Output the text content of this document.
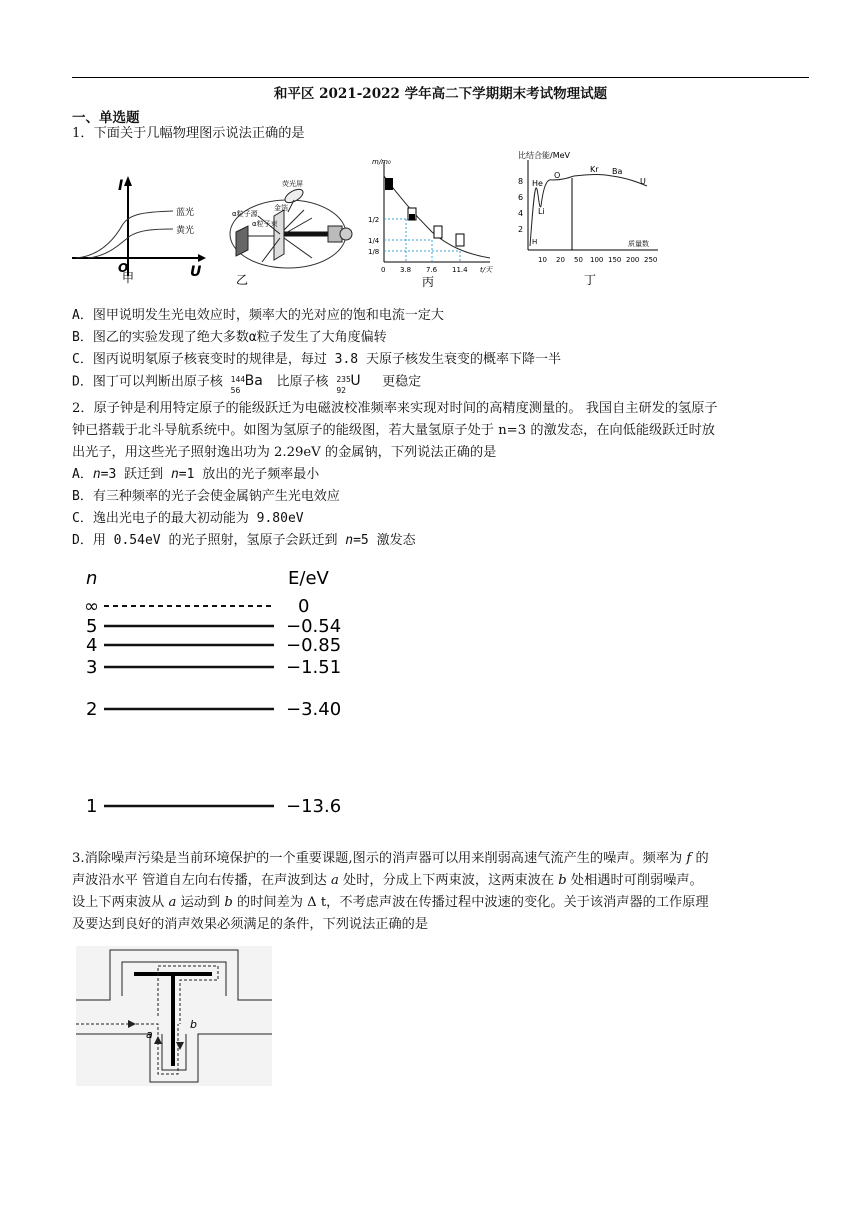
和平区 2021-2022 学年高二下学期期末考试物理试题
一、单选题
1．下面关于几幅物理图示说法正确的是
I
U
O
蓝光
黄光
甲
荧光屏
金箔
α粒子源
α粒子束
乙
m/m₀
1/2
1/4
1/8
0 3.8 7.6 11.4 t/天
丙
比结合能/MeV
8
6
4
2
He
O
Kr Ba
U
Li
H	质量数
10 20 50 100 150 200 250
丁
A．图甲说明发生光电效应时，频率大的光对应的饱和电流一定大
B．图乙的实验发现了绝大多数α粒子发生了大角度偏转
C．图丙说明氡原子核衰变时的规律是，每过 3.8 天原子核发生衰变的概率下降一半
D．图丁可以判断出原子核 144
56
Ba 比原子核 235
92
U 更稳定
2．原子钟是利用特定原子的能级跃迁为电磁波校准频率来实现对时间的高精度测量的。 我国自主研发的氢原子
钟已搭载于北斗导航系统中。如图为氢原子的能级图，若大量氢原子处于 n=3 的激发态，在向低能级跃迁时放
出光子，用这些光子照射逸出功为 2.29eV 的金属钠，下列说法正确的是
A．n=3 跃迁到 n=1 放出的光子频率最小
B．有三种频率的光子会使金属钠产生光电效应
C．逸出光电子的最大初动能为 9.80eV
D．用 0.54eV 的光子照射，氢原子会跃迁到 n=5 激发态
n	E/eV
∞
5
4
3
2
1
0
−0.54
−0.85
−1.51
−3.40
−13.6
3.消除噪声污染是当前环境保护的一个重要课题,图示的消声器可以用来削弱高速气流产生的噪声。频率为 f 的
声波沿水平 管道自左向右传播，在声波到达 a 处时，分成上下两束波，这两束波在 b 处相遇时可削弱噪声。
设上下两束波从 a 运动到 b 的时间差为 Δ t，不考虑声波在传播过程中波速的变化。关于该消声器的工作原理
及要达到良好的消声效果必须满足的条件，下列说法正确的是
a
b
